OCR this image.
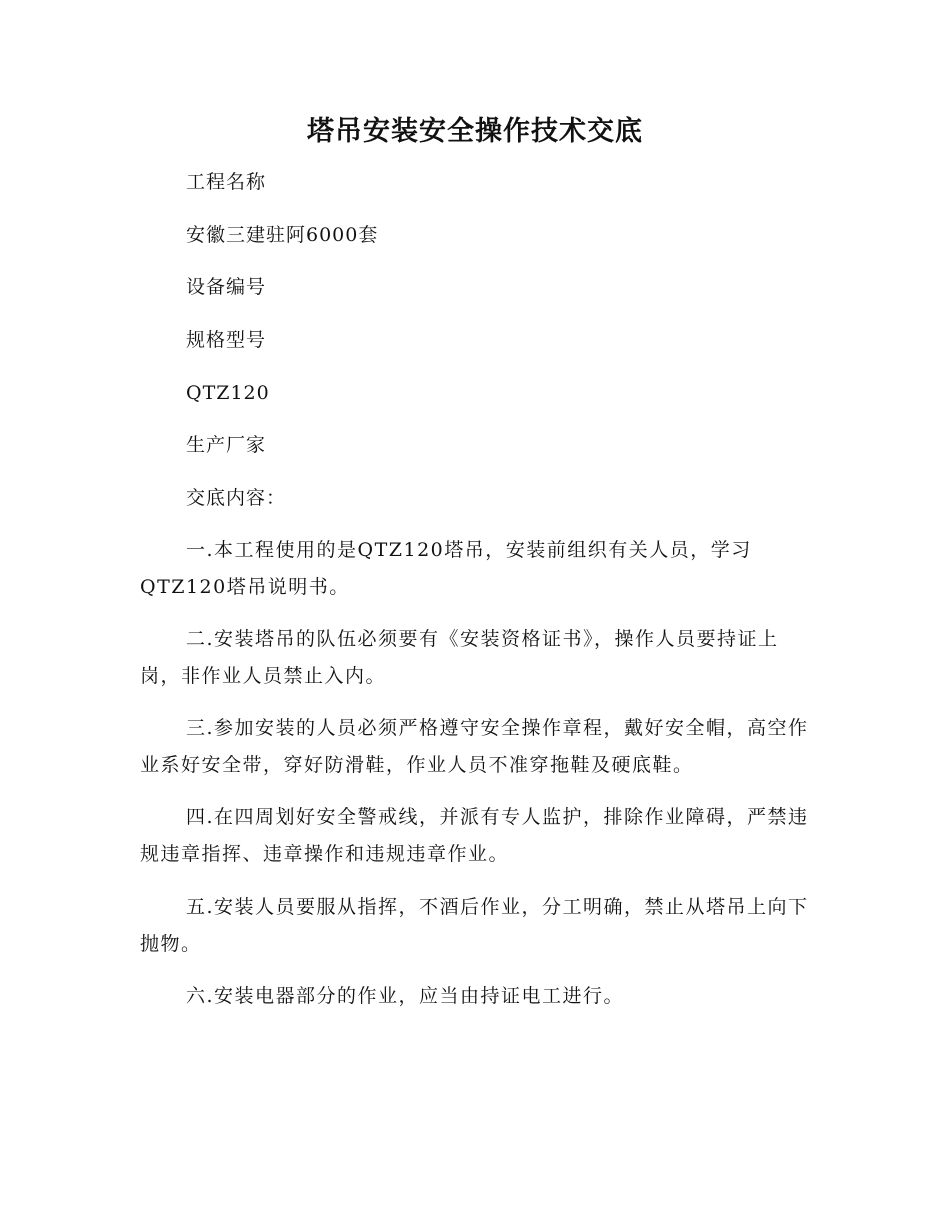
塔吊安装安全操作技术交底

工程名称

安徽三建驻阿6000套

设备编号

规格型号

QTZ120

生产厂家

交底内容：

一.本工程使用的是QTZ120塔吊，安装前组织有关人员，学习QTZ120塔吊说明书。

二.安装塔吊的队伍必须要有《安装资格证书》，操作人员要持证上岗，非作业人员禁止入内。

三.参加安装的人员必须严格遵守安全操作章程，戴好安全帽，高空作业系好安全带，穿好防滑鞋，作业人员不准穿拖鞋及硬底鞋。

四.在四周划好安全警戒线，并派有专人监护，排除作业障碍，严禁违规违章指挥、违章操作和违规违章作业。

五.安装人员要服从指挥，不酒后作业，分工明确，禁止从塔吊上向下抛物。

六.安装电器部分的作业，应当由持证电工进行。
